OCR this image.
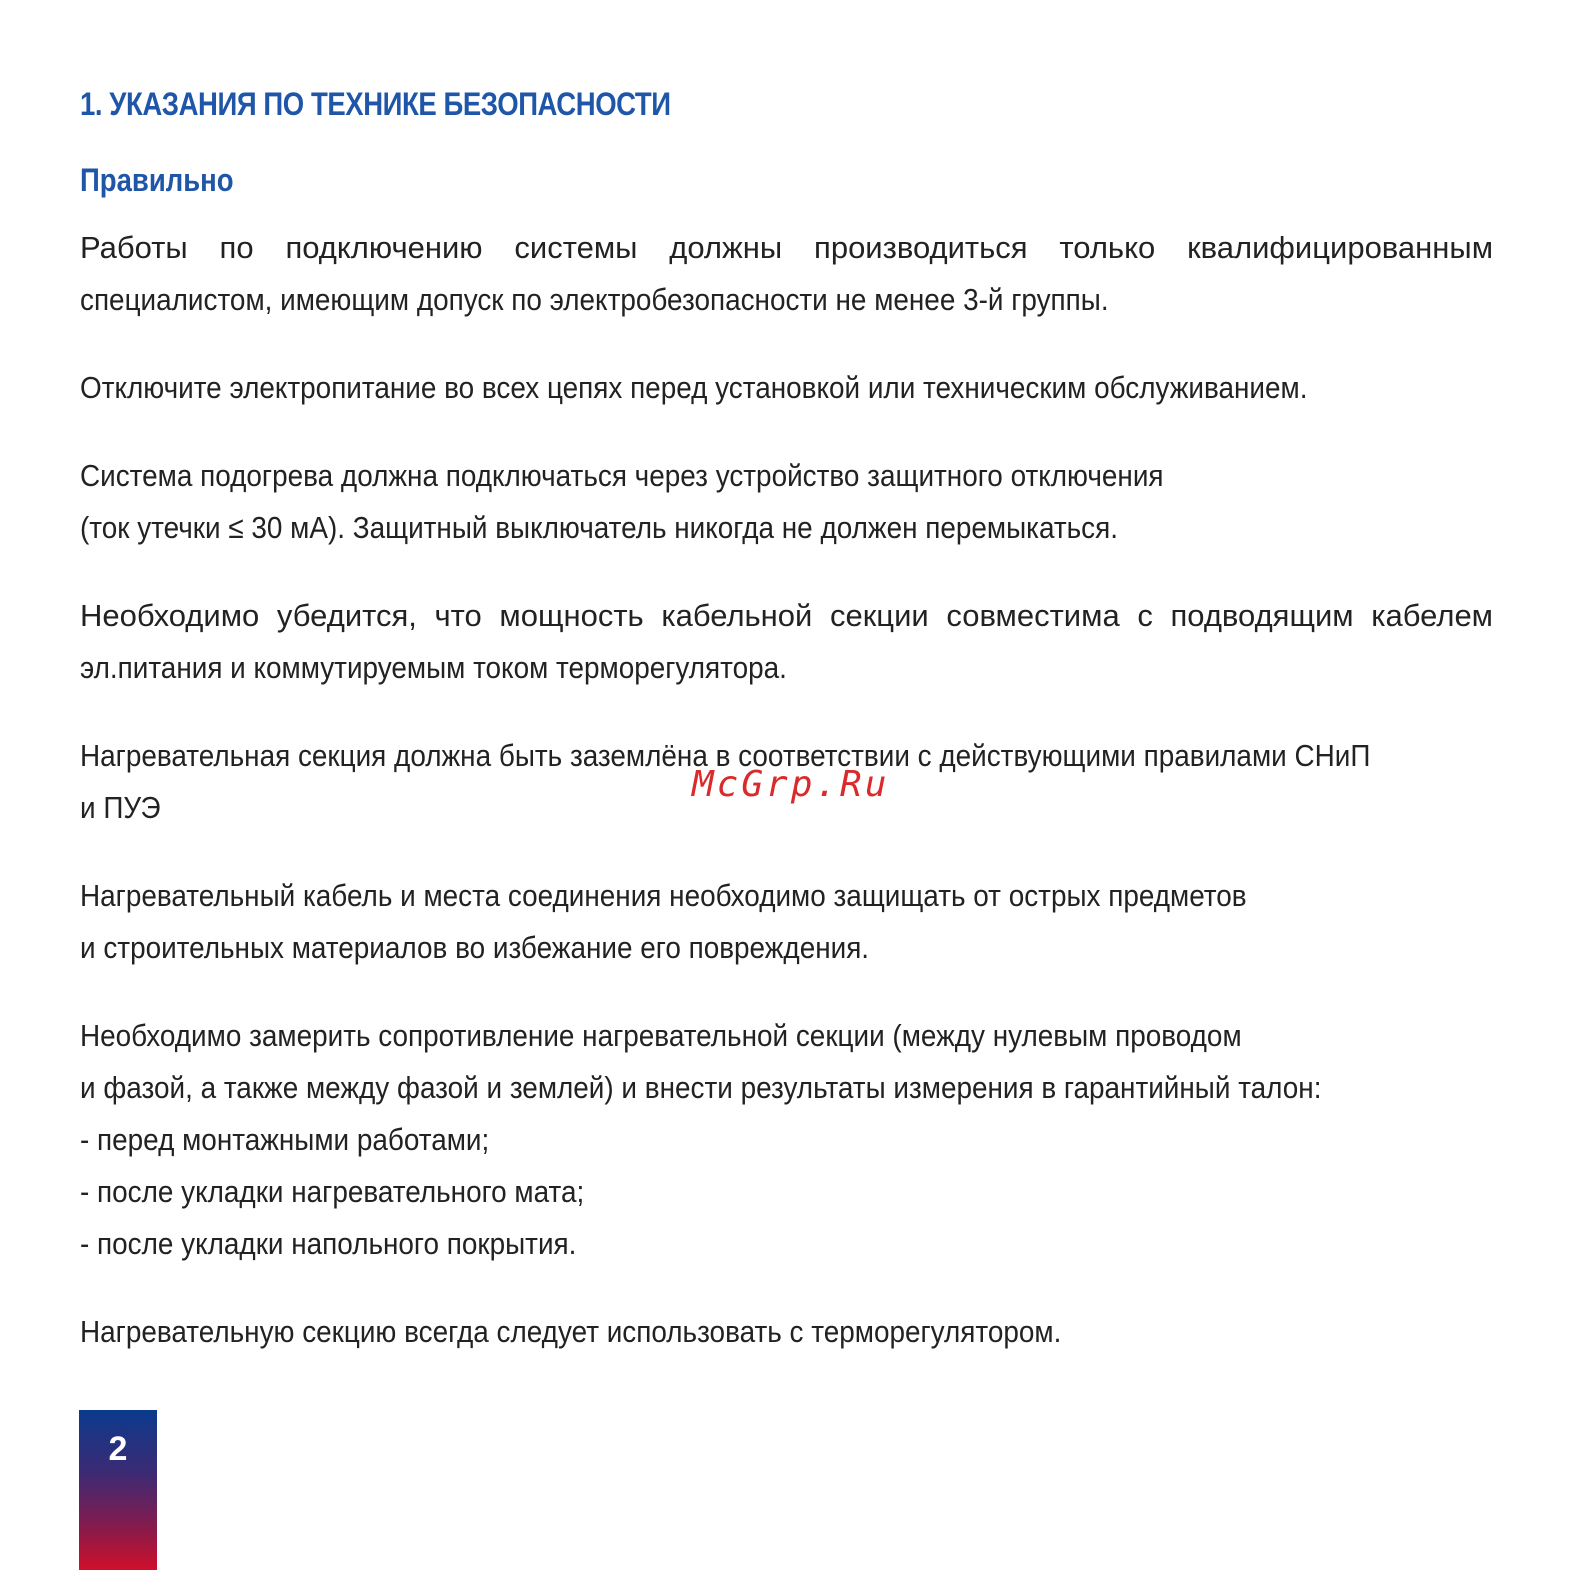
1. УКАЗАНИЯ ПО ТЕХНИКЕ БЕЗОПАСНОСТИ
Правильно

Работы по подключению системы должны производиться только квалифицированным
специалистом, имеющим допуск по электробезопасности не менее 3-й группы.

Отключите электропитание во всех цепях перед установкой или техническим обслуживанием.

Система подогрева должна подключаться через устройство защитного отключения
(ток утечки ≤ 30 мА). Защитный выключатель никогда не должен перемыкаться.

Необходимо убедится, что мощность кабельной секции совместима с подводящим кабелем
эл.питания и коммутируемым током терморегулятора.

Нагревательная секция должна быть заземлёна в соответствии с действующими правилами СНиП
и ПУЭ

Нагревательный кабель и места соединения необходимо защищать от острых предметов
и строительных материалов во избежание его повреждения.

Необходимо замерить сопротивление нагревательной секции (между нулевым проводом
и фазой, а также между фазой и землей) и внести результаты измерения в гарантийный талон:
- перед монтажными работами;
- после укладки нагревательного мата;
- после укладки напольного покрытия.

Нагревательную секцию всегда следует использовать с терморегулятором.

McGrp.Ru
2
